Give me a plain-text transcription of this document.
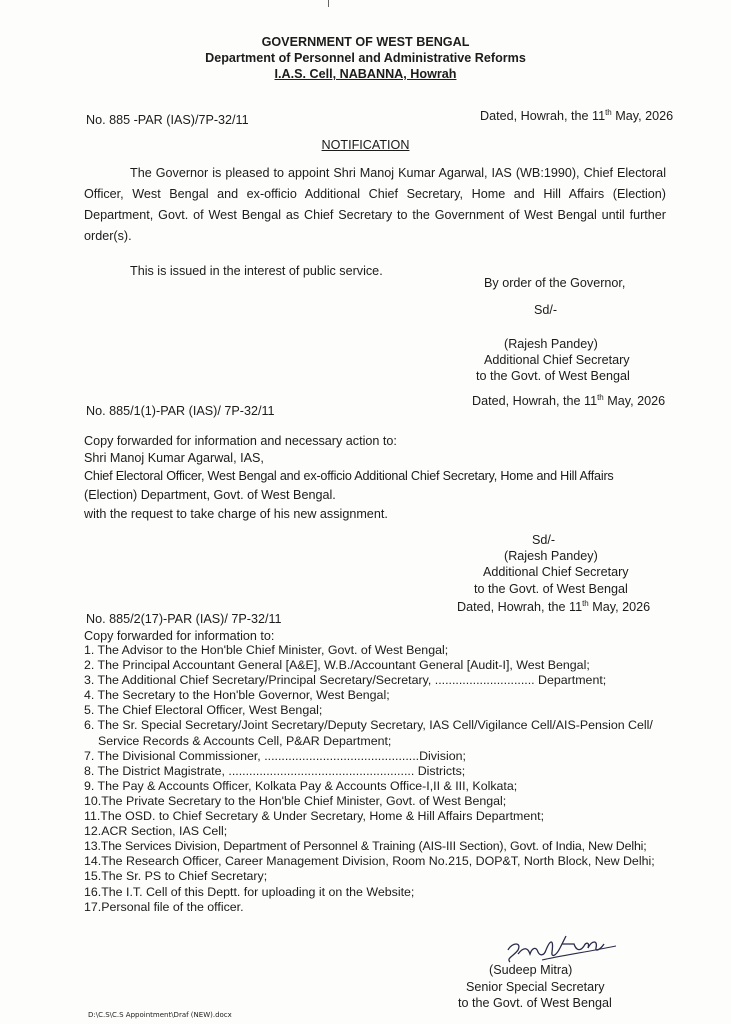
GOVERNMENT OF WEST BENGAL
Department of Personnel and Administrative Reforms
I.A.S. Cell, NABANNA, Howrah
No. 885 -PAR (IAS)/7P-32/11	Dated, Howrah, the 11th May, 2026
NOTIFICATION
The Governor is pleased to appoint Shri Manoj Kumar Agarwal, IAS (WB:1990), Chief Electoral Officer, West Bengal and ex-officio Additional Chief Secretary, Home and Hill Affairs (Election) Department, Govt. of West Bengal as Chief Secretary to the Government of West Bengal until further order(s).
This is issued in the interest of public service.
By order of the Governor,
Sd/-
(Rajesh Pandey)
Additional Chief Secretary
to the Govt. of West Bengal
No. 885/1(1)-PAR (IAS)/ 7P-32/11
Dated, Howrah, the 11th May, 2026
Copy forwarded for information and necessary action to:
Shri Manoj Kumar Agarwal, IAS,
Chief Electoral Officer, West Bengal and ex-officio Additional Chief Secretary, Home and Hill Affairs
(Election) Department, Govt. of West Bengal.
with the request to take charge of his new assignment.
Sd/-
(Rajesh Pandey)
Additional Chief Secretary
to the Govt. of West Bengal
No. 885/2(17)-PAR (IAS)/ 7P-32/11
Dated, Howrah, the 11th May, 2026
Copy forwarded for information to:
1. The Advisor to the Hon'ble Chief Minister, Govt. of West Bengal;
2. The Principal Accountant General [A&E], W.B./Accountant General [Audit-I], West Bengal;
3. The Additional Chief Secretary/Principal Secretary/Secretary, ............................. Department;
4. The Secretary to the Hon'ble Governor, West Bengal;
5. The Chief Electoral Officer, West Bengal;
6. The Sr. Special Secretary/Joint Secretary/Deputy Secretary, IAS Cell/Vigilance Cell/AIS-Pension Cell/
Service Records & Accounts Cell, P&AR Department;
7. The Divisional Commissioner, .............................................Division;
8. The District Magistrate, ...................................................... Districts;
9. The Pay & Accounts Officer, Kolkata Pay & Accounts Office-I,II & III, Kolkata;
10.The Private Secretary to the Hon'ble Chief Minister, Govt. of West Bengal;
11.The OSD. to Chief Secretary & Under Secretary, Home & Hill Affairs Department;
12.ACR Section, IAS Cell;
13.The Services Division, Department of Personnel & Training (AIS-III Section), Govt. of India, New Delhi;
14.The Research Officer, Career Management Division, Room No.215, DOP&T, North Block, New Delhi;
15.The Sr. PS to Chief Secretary;
16.The I.T. Cell of this Deptt. for uploading it on the Website;
17.Personal file of the officer.
(Sudeep Mitra)
Senior Special Secretary
to the Govt. of West Bengal
D:\C.S\C.S Appointment\Draf (NEW).docx
